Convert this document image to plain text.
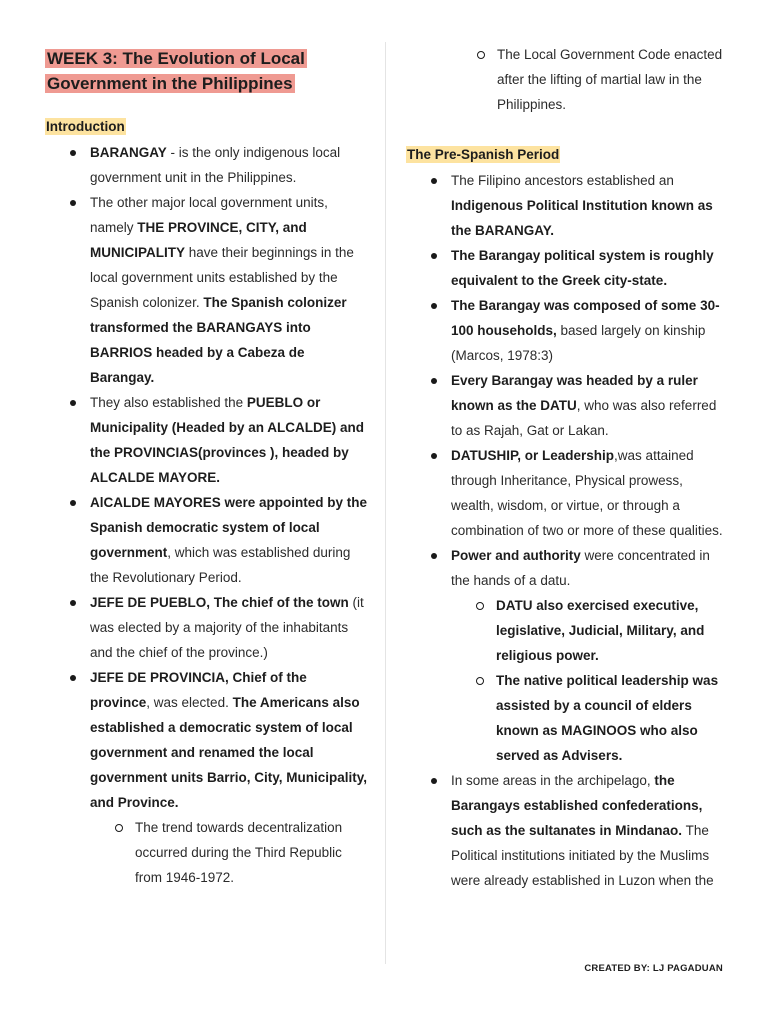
WEEK 3: The Evolution of Local Government in the Philippines
Introduction
BARANGAY - is the only indigenous local government unit in the Philippines.
The other major local government units, namely THE PROVINCE, CITY, and MUNICIPALITY have their beginnings in the local government units established by the Spanish colonizer. The Spanish colonizer transformed the BARANGAYS into BARRIOS headed by a Cabeza de Barangay.
They also established the PUEBLO or Municipality (Headed by an ALCALDE) and the PROVINCIAS(provinces ), headed by ALCALDE MAYORE.
AlCALDE MAYORES were appointed by the Spanish democratic system of local government, which was established during the Revolutionary Period.
JEFE DE PUEBLO, The chief of the town (it was elected by a majority of the inhabitants and the chief of the province.)
JEFE DE PROVINCIA, Chief of the province, was elected. The Americans also established a democratic system of local government and renamed the local government units Barrio, City, Municipality, and Province.
The trend towards decentralization occurred during the Third Republic from 1946-1972.
The Local Government Code enacted after the lifting of martial law in the Philippines.
The Pre-Spanish Period
The Filipino ancestors established an Indigenous Political Institution known as the BARANGAY.
The Barangay political system is roughly equivalent to the Greek city-state.
The Barangay was composed of some 30-100 households, based largely on kinship (Marcos, 1978:3)
Every Barangay was headed by a ruler known as the DATU, who was also referred to as Rajah, Gat or Lakan.
DATUSHIP, or Leadership,was attained through Inheritance, Physical prowess, wealth, wisdom, or virtue, or through a combination of two or more of these qualities.
Power and authority were concentrated in the hands of a datu.
DATU also exercised executive, legislative, Judicial, Military, and religious power.
The native political leadership was assisted by a council of elders known as MAGINOOS who also served as Advisers.
In some areas in the archipelago, the Barangays established confederations, such as the sultanates in Mindanao. The Political institutions initiated by the Muslims were already established in Luzon when the
CREATED BY: LJ PAGADUAN
